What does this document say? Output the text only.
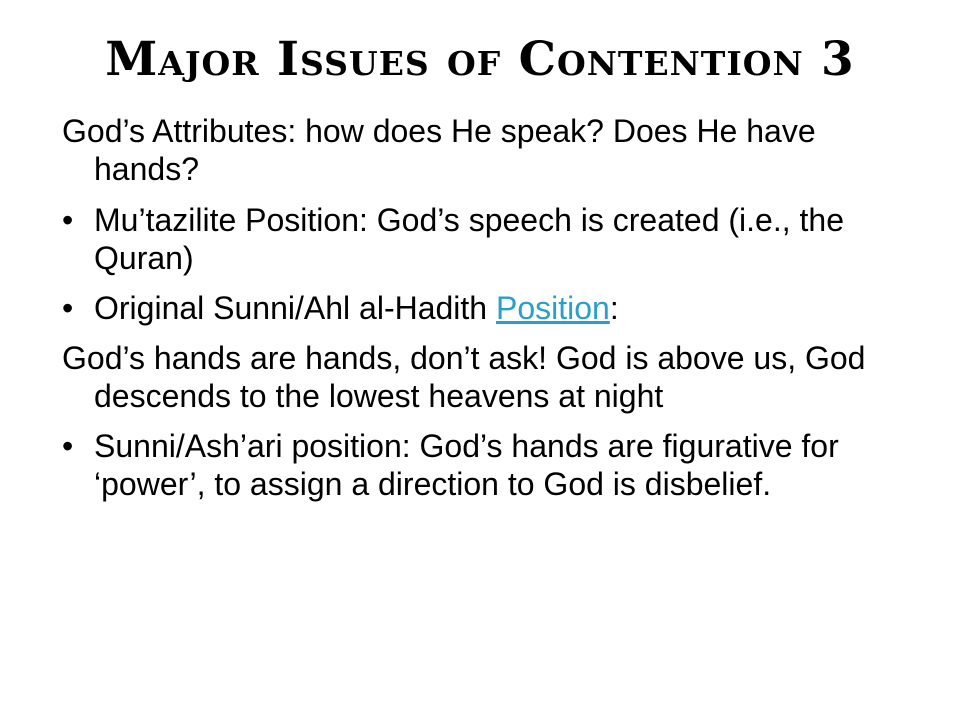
Major Issues of Contention 3

God’s Attributes: how does He speak? Does He have hands?

• Mu’tazilite Position: God’s speech is created (i.e., the Quran)
• Original Sunni/Ahl al-Hadith Position:

God’s hands are hands, don’t ask! God is above us, God descends to the lowest heavens at night

• Sunni/Ash’ari position: God’s hands are figurative for ‘power’, to assign a direction to God is disbelief.
